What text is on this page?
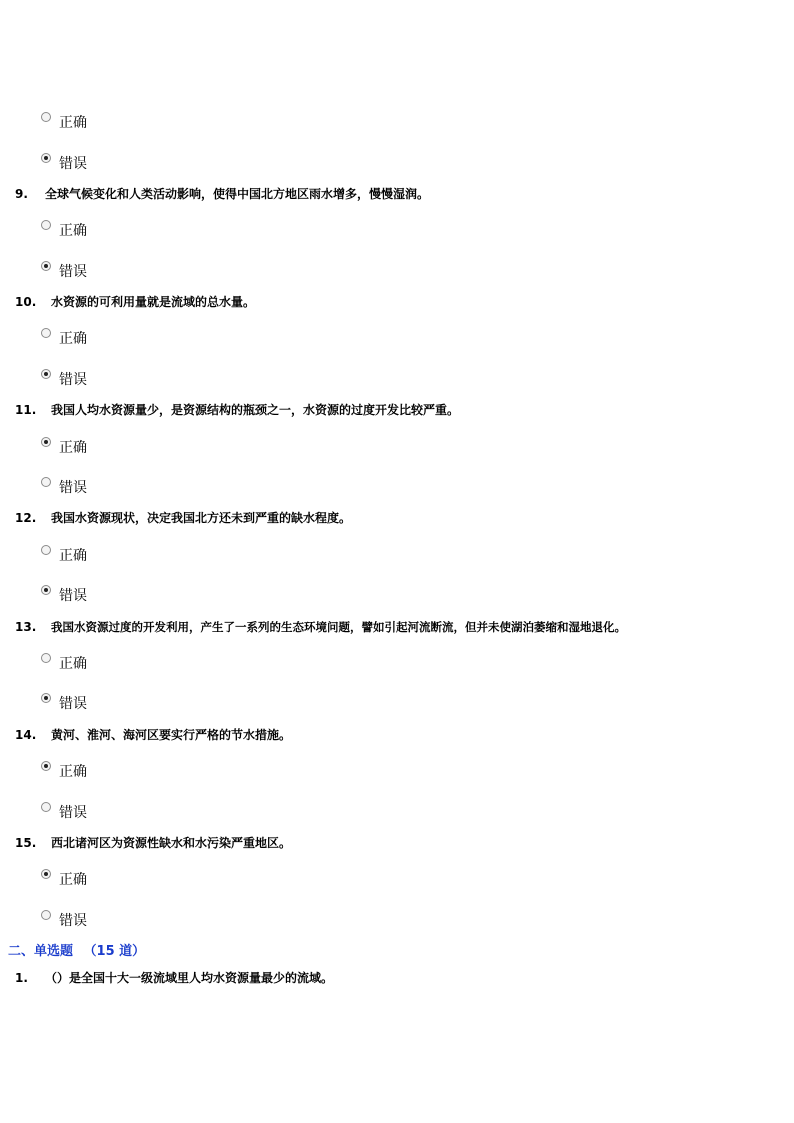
正确
错误
9.	全球气候变化和人类活动影响，使得中国北方地区雨水增多，慢慢湿润。
正确
错误
10.	水资源的可利用量就是流域的总水量。
正确
错误
11.	我国人均水资源量少，是资源结构的瓶颈之一，水资源的过度开发比较严重。
正确
错误
12.	我国水资源现状，决定我国北方还未到严重的缺水程度。
正确
错误
13.	我国水资源过度的开发利用，产生了一系列的生态环境问题，譬如引起河流断流，但并未使湖泊萎缩和湿地退化。
正确
错误
14.	黄河、淮河、海河区要实行严格的节水措施。
正确
错误
15.	西北诸河区为资源性缺水和水污染严重地区。
正确
错误
二、单选题 （15 道）
1.	（）是全国十大一级流域里人均水资源量最少的流域。
